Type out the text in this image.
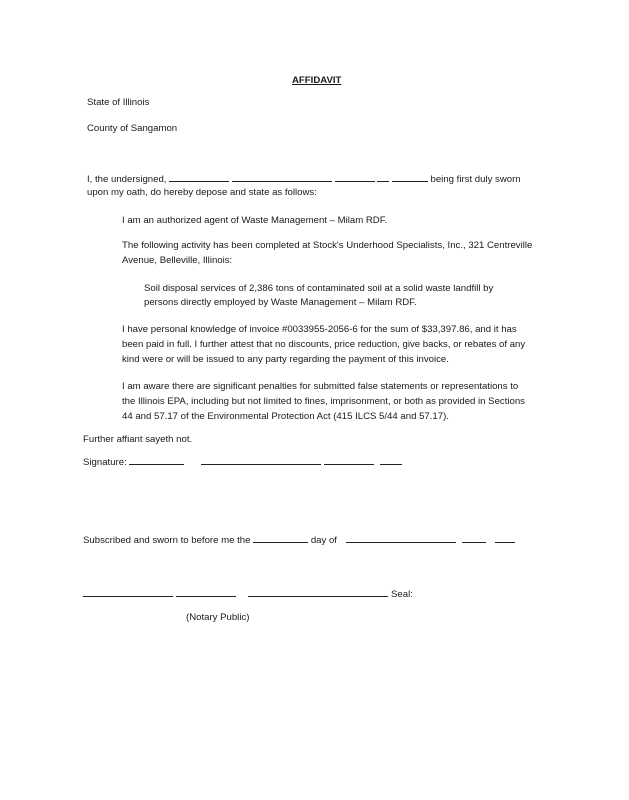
AFFIDAVIT
State of Illinois
County of Sangamon
I, the undersigned,	being first duly sworn
upon my oath, do hereby depose and state as follows:
I am an authorized agent of Waste Management – Milam RDF.
The following activity has been completed at Stock's Underhood Specialists, Inc., 321 Centreville
Avenue, Belleville, Illinois:
Soil disposal services of 2,386 tons of contaminated soil at a solid waste landfill by
persons directly employed by Waste Management – Milam RDF.
I have personal knowledge of invoice #0033955-2056-6 for the sum of $33,397.86, and it has
been paid in full. I further attest that no discounts, price reduction, give backs, or rebates of any
kind were or will be issued to any party regarding the payment of this invoice.
I am aware there are significant penalties for submitted false statements or representations to
the Illinois EPA, including but not limited to fines, imprisonment, or both as provided in Sections
44 and 57.17 of the Environmental Protection Act (415 ILCS 5/44 and 57.17).
Further affiant sayeth not.
Signature:
Subscribed and sworn to before me the	day of
Seal:
(Notary Public)
